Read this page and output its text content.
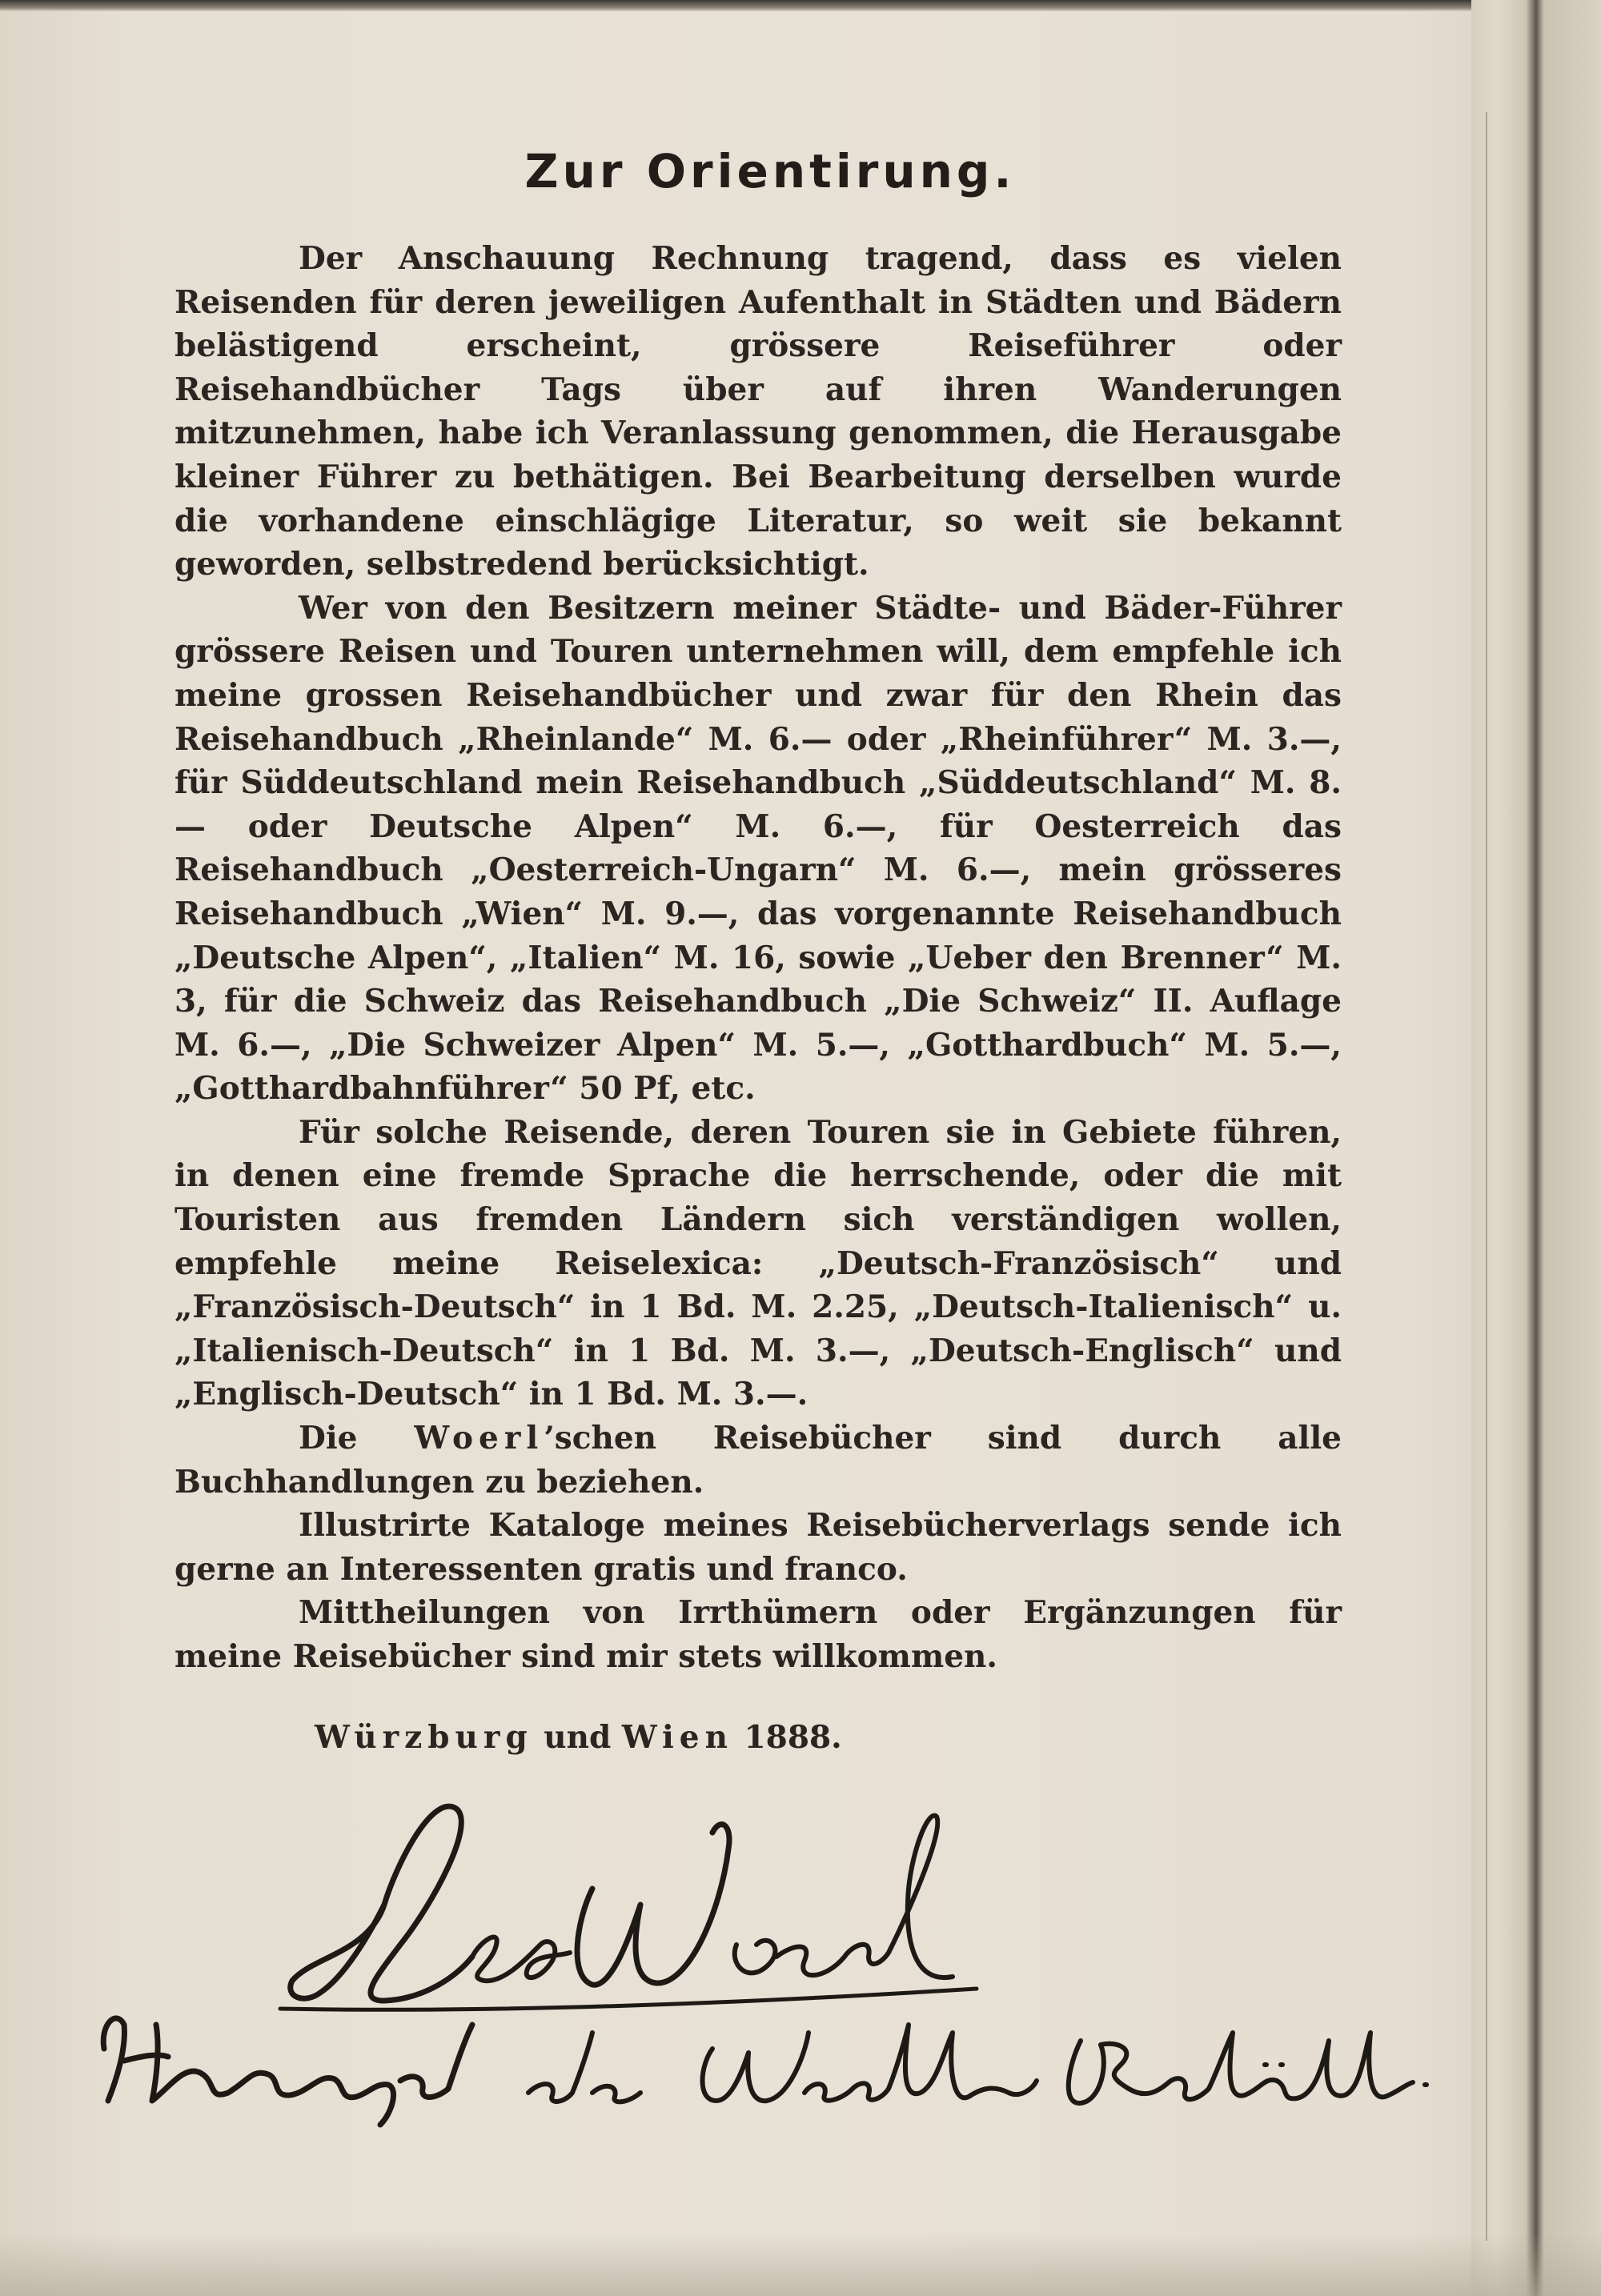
Zur Orientirung.

Der Anschauung Rechnung tragend, dass es vielen Reisenden für deren jeweiligen Aufenthalt in Städten und Bädern belästigend erscheint, grössere Reiseführer oder Reisehandbücher Tags über auf ihren Wanderungen mitzunehmen, habe ich Veranlassung genommen, die Herausgabe kleiner Führer zu bethätigen. Bei Bearbeitung derselben wurde die vorhandene einschlägige Literatur, so weit sie bekannt geworden, selbstredend berücksichtigt.

Wer von den Besitzern meiner Städte- und Bäder-Führer grössere Reisen und Touren unternehmen will, dem empfehle ich meine grossen Reisehandbücher und zwar für den Rhein das Reisehandbuch „Rheinlande“ M. 6.— oder „Rheinführer“ M. 3.—, für Süddeutschland mein Reisehandbuch „Süddeutschland“ M. 8.— oder Deutsche Alpen“ M. 6.—, für Oesterreich das Reisehandbuch „Oesterreich-Ungarn“ M. 6.—, mein grösseres Reisehandbuch „Wien“ M. 9.—, das vorgenannte Reisehandbuch „Deutsche Alpen“, „Italien“ M. 16, sowie „Ueber den Brenner“ M. 3, für die Schweiz das Reisehandbuch „Die Schweiz“ II. Auflage M. 6.—, „Die Schweizer Alpen“ M. 5.—, „Gotthardbuch“ M. 5.—, „Gotthardbahnführer“ 50 Pf, etc.

Für solche Reisende, deren Touren sie in Gebiete führen, in denen eine fremde Sprache die herrschende, oder die mit Touristen aus fremden Ländern sich verständigen wollen, empfehle meine Reiselexica: „Deutsch-Französisch“ und „Französisch-Deutsch“ in 1 Bd. M. 2.25, „Deutsch-Italienisch“ u. „Italienisch-Deutsch“ in 1 Bd. M. 3.—, „Deutsch-Englisch“ und „Englisch-Deutsch“ in 1 Bd. M. 3.—.

Die Woerl’schen Reisebücher sind durch alle Buchhandlungen zu beziehen.

Illustrirte Kataloge meines Reisebücherverlags sende ich gerne an Interessenten gratis und franco.

Mittheilungen von Irrthümern oder Ergänzungen für meine Reisebücher sind mir stets willkommen.

Würzburg und Wien 1888.
